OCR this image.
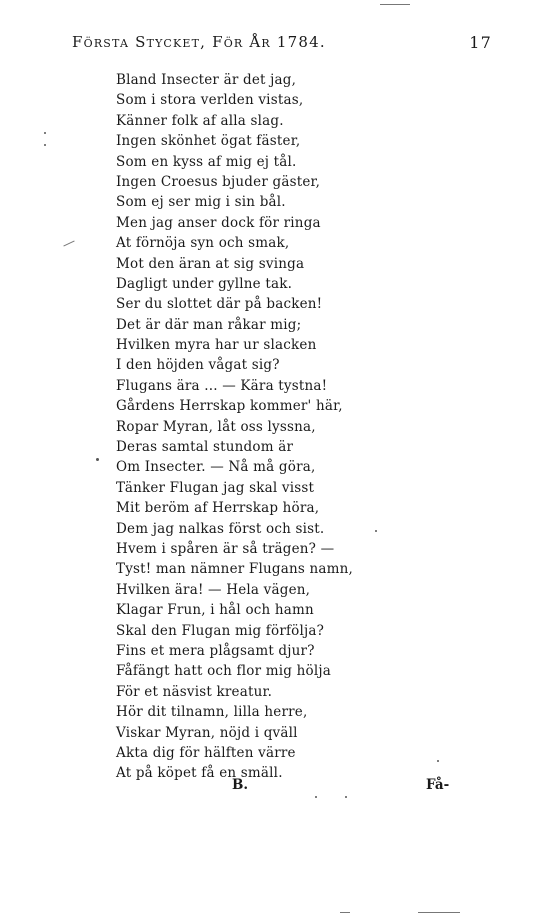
Första Stycket, För År 1784.	17
Bland Insecter är det jag,
Som i stora verlden vistas,
Känner folk af alla slag.
Ingen skönhet ögat fäster,
Som en kyss af mig ej tål.
Ingen Croesus bjuder gäster,
Som ej ser mig i sin bål.
Men jag anser dock för ringa
At förnöja syn och smak,
Mot den äran at sig svinga
Dagligt under gyllne tak.
Ser du slottet där på backen!
Det är där man råkar mig;
Hvilken myra har ur slacken
I den höjden vågat sig?
Flugans ära ... — Kära tystna!
Gårdens Herrskap kommer' här,
Ropar Myran, låt oss lyssna,
Deras samtal stundom är
Om Insecter. — Nå må göra,
Tänker Flugan jag skal visst
Mit beröm af Herrskap höra,
Dem jag nalkas först och sist.
Hvem i spåren är så trägen? —
Tyst! man nämner Flugans namn,
Hvilken ära! — Hela vägen,
Klagar Frun, i hål och hamn
Skal den Flugan mig förfölja?
Fins et mera plågsamt djur?
Fåfängt hatt och flor mig hölja
För et näsvist kreatur.
Hör dit tilnamn, lilla herre,
Viskar Myran, nöjd i qväll
Akta dig för hälften värre
At på köpet få en smäll.
B.	Få-
